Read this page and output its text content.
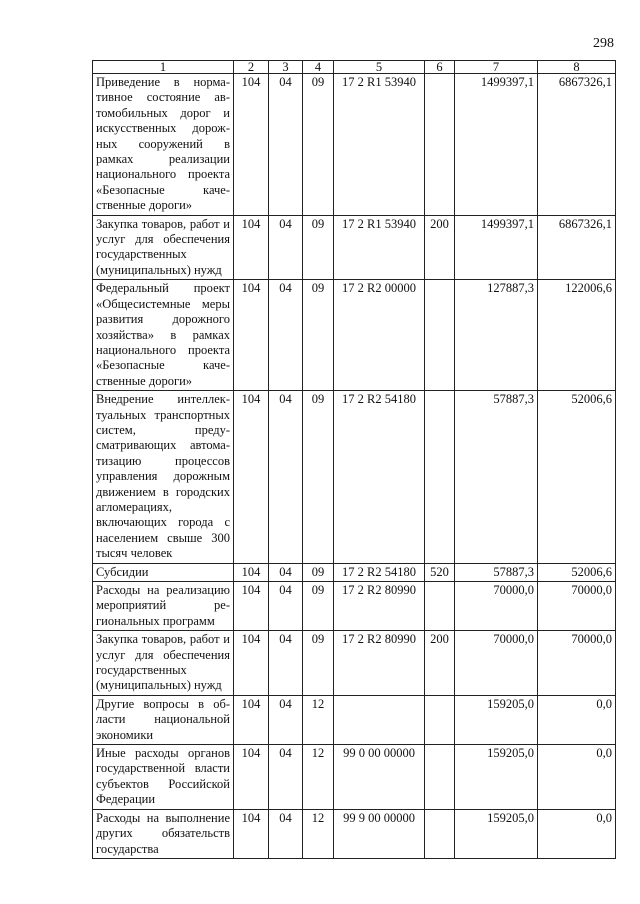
298
1	2	3	4	5	6	7	8
Приведение в нормативное состояние автомобильных дорог и искусственных дорожных сооружений в рамках реализации национального проекта «Безопасные качественные дороги»	104	04	09	17 2 R1 53940		1499397,1	6867326,1
Закупка товаров, работ и услуг для обеспечения государственных (муниципальных) нужд	104	04	09	17 2 R1 53940	200	1499397,1	6867326,1
Федеральный проект «Общесистемные меры развития дорожного хозяйства» в рамках национального проекта «Безопасные качественные дороги»	104	04	09	17 2 R2 00000		127887,3	122006,6
Внедрение интеллектуальных транспортных систем, предусматривающих автоматизацию процессов управления дорожным движением в городских агломерациях, включающих города с населением свыше 300 тысяч человек	104	04	09	17 2 R2 54180		57887,3	52006,6
Субсидии	104	04	09	17 2 R2 54180	520	57887,3	52006,6
Расходы на реализацию мероприятий региональных программ	104	04	09	17 2 R2 80990		70000,0	70000,0
Закупка товаров, работ и услуг для обеспечения государственных (муниципальных) нужд	104	04	09	17 2 R2 80990	200	70000,0	70000,0
Другие вопросы в области национальной экономики	104	04	12			159205,0	0,0
Иные расходы органов государственной власти субъектов Российской Федерации	104	04	12	99 0 00 00000		159205,0	0,0
Расходы на выполнение других обязательств государства	104	04	12	99 9 00 00000		159205,0	0,0
